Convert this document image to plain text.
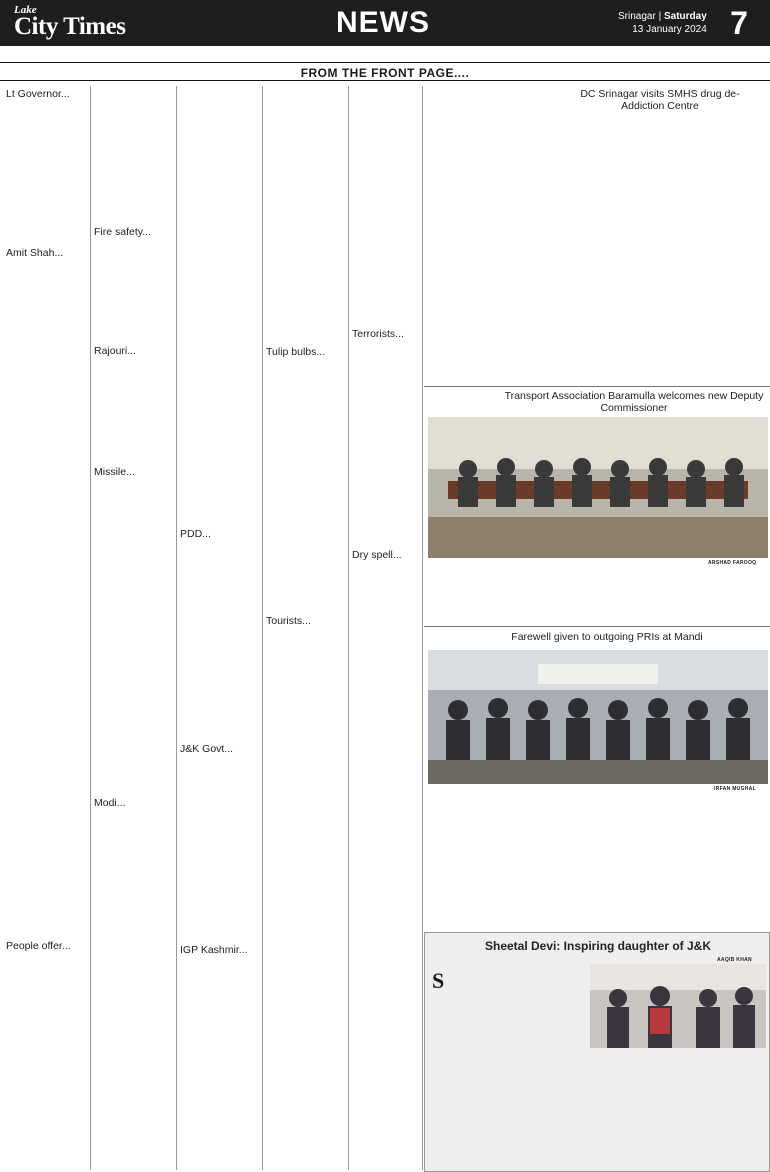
Lake
City Times	NEWS	Srinagar | Saturday
13 January 2024 7
FROM THE FRONT PAGE....
Lt Governor...
Amit Shah...
People offer...
Fire safety...
Rajouri...
Missile...
Modi...
PDD...
J&K Govt...
IGP Kashmir...
Tulip bulbs...
Tourists...
Terrorists...
Dry spell...
DC Srinagar visits SMHS drug de-Addiction Centre
Transport Association Baramulla welcomes new Deputy Commissioner
ARSHAD FAROOQ
Farewell given to outgoing PRIs at Mandi
IRFAN MUGHAL
Sheetal Devi: Inspiring daughter of J&K
AAQIB KHAN
S
